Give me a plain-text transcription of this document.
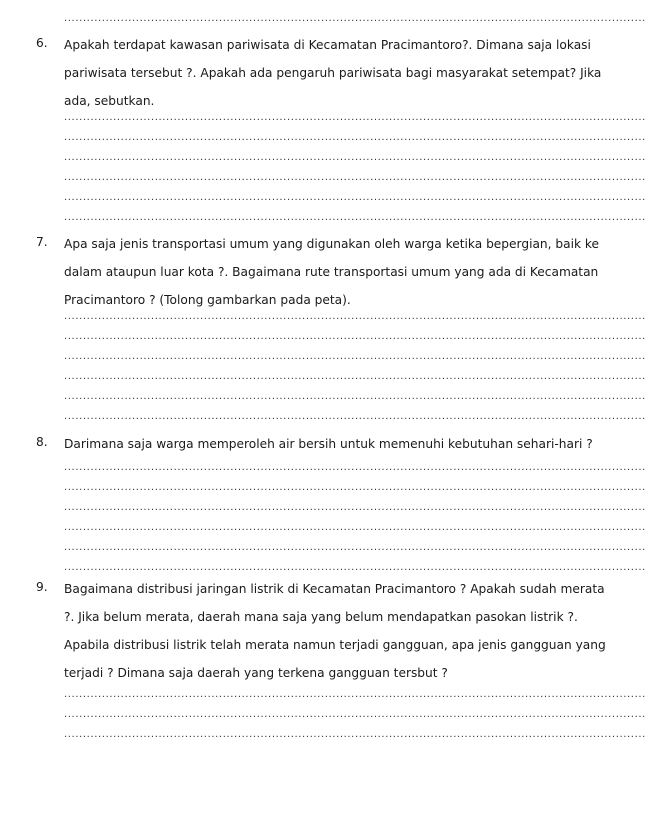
..........................................................................................................................................................
6. Apakah terdapat kawasan pariwisata di Kecamatan Pracimantoro?. Dimana saja lokasi
pariwisata tersebut ?. Apakah ada pengaruh pariwisata bagi masyarakat setempat? Jika
ada, sebutkan.
..........................................................................................................................................................
..........................................................................................................................................................
..........................................................................................................................................................
..........................................................................................................................................................
..........................................................................................................................................................
..........................................................................................................................................................
7. Apa saja jenis transportasi umum yang digunakan oleh warga ketika bepergian, baik ke
dalam ataupun luar kota ?. Bagaimana rute transportasi umum yang ada di Kecamatan
Pracimantoro ? (Tolong gambarkan pada peta).
..........................................................................................................................................................
..........................................................................................................................................................
..........................................................................................................................................................
..........................................................................................................................................................
..........................................................................................................................................................
..........................................................................................................................................................
8. Darimana saja warga memperoleh air bersih untuk memenuhi kebutuhan sehari-hari ?
..........................................................................................................................................................
..........................................................................................................................................................
..........................................................................................................................................................
..........................................................................................................................................................
..........................................................................................................................................................
..........................................................................................................................................................
9. Bagaimana distribusi jaringan listrik di Kecamatan Pracimantoro ? Apakah sudah merata
?. Jika belum merata, daerah mana saja yang belum mendapatkan pasokan listrik ?.
Apabila distribusi listrik telah merata namun terjadi gangguan, apa jenis gangguan yang
terjadi ? Dimana saja daerah yang terkena gangguan tersbut ?
..........................................................................................................................................................
..........................................................................................................................................................
..........................................................................................................................................................
